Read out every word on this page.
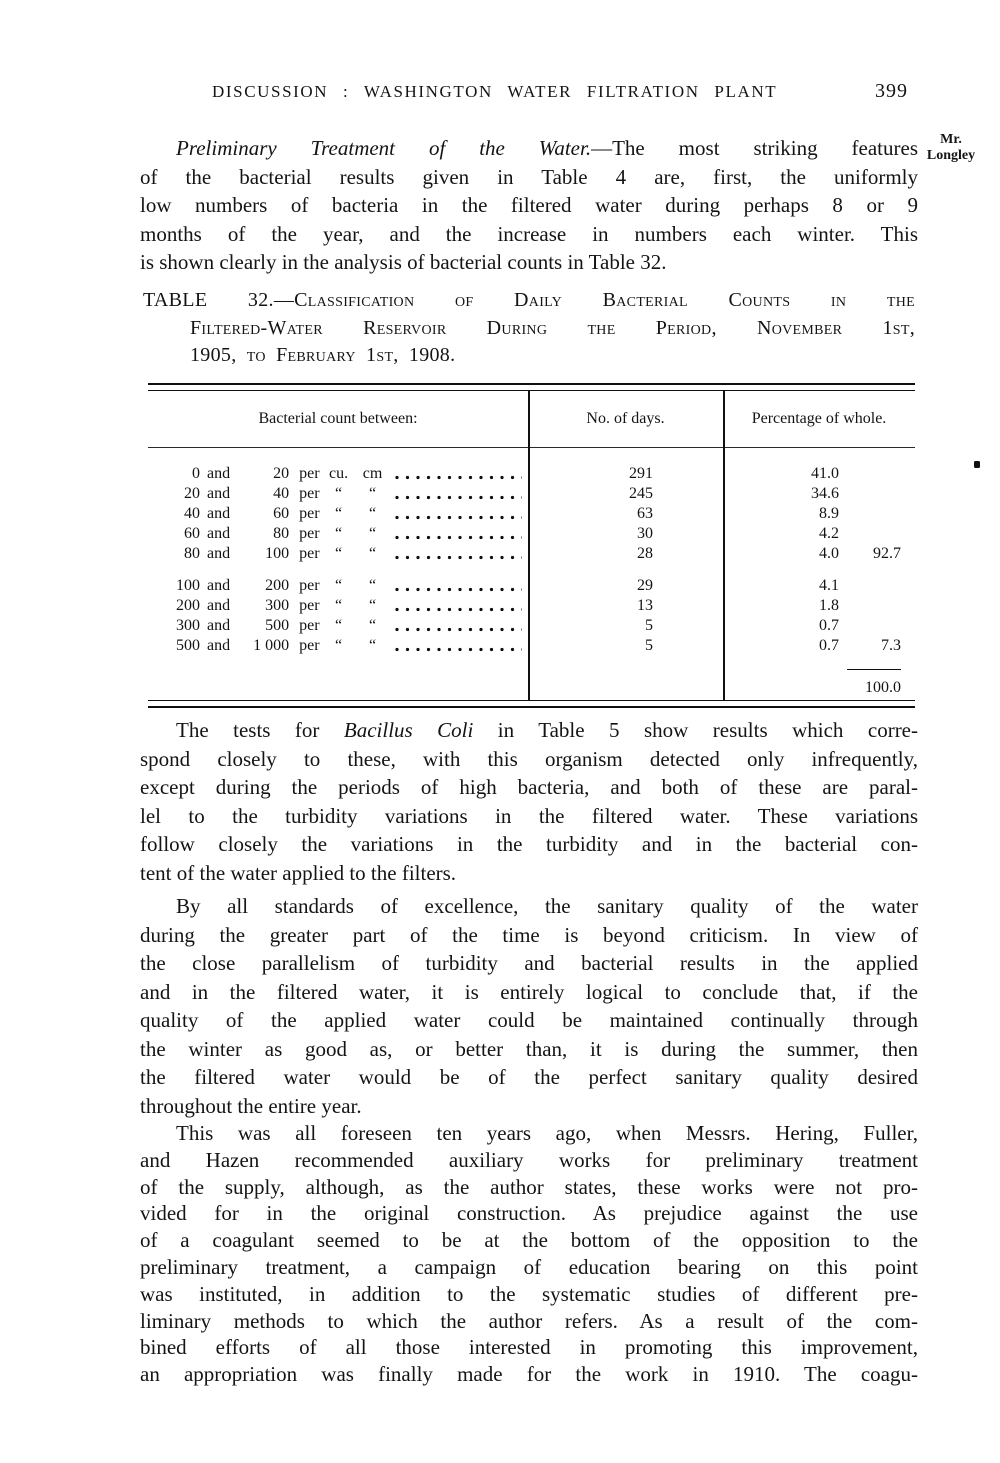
DISCUSSION : WASHINGTON WATER FILTRATION PLANT	399
Mr.
Longley
Preliminary Treatment of the Water.—The most striking features
of the bacterial results given in Table 4 are, first, the uniformly
low numbers of bacteria in the filtered water during perhaps 8 or 9
months of the year, and the increase in numbers each winter. This
is shown clearly in the analysis of bacterial counts in Table 32.
TABLE 32.—Classification of Daily Bacterial Counts in the
Filtered-Water Reservoir During the Period, November 1st,
1905, to February 1st, 1908.
Bacterial count between:	No. of days.	Percentage of whole.
0 and	20 per cu. cm	291	41.0
20 and	40 per “	“	245	34.6
40 and	60 per “	“	63	8.9
60 and	80 per “	“	30	4.2
80 and	100 per “	“	28	4.0	92.7
100 and	200 per “	“	29	4.1
200 and	300 per “	“	13	1.8
300 and	500 per “	“	5	0.7
500 and	1 000 per “	“	5	0.7	7.3
100.0
The tests for Bacillus Coli in Table 5 show results which corre-
spond closely to these, with this organism detected only infrequently,
except during the periods of high bacteria, and both of these are paral-
lel to the turbidity variations in the filtered water. These variations
follow closely the variations in the turbidity and in the bacterial con-
tent of the water applied to the filters.
By all standards of excellence, the sanitary quality of the water
during the greater part of the time is beyond criticism. In view of
the close parallelism of turbidity and bacterial results in the applied
and in the filtered water, it is entirely logical to conclude that, if the
quality of the applied water could be maintained continually through
the winter as good as, or better than, it is during the summer, then
the filtered water would be of the perfect sanitary quality desired
throughout the entire year.
This was all foreseen ten years ago, when Messrs. Hering, Fuller,
and Hazen recommended auxiliary works for preliminary treatment
of the supply, although, as the author states, these works were not pro-
vided for in the original construction. As prejudice against the use
of a coagulant seemed to be at the bottom of the opposition to the
preliminary treatment, a campaign of education bearing on this point
was instituted, in addition to the systematic studies of different pre-
liminary methods to which the author refers. As a result of the com-
bined efforts of all those interested in promoting this improvement,
an appropriation was finally made for the work in 1910. The coagu-
